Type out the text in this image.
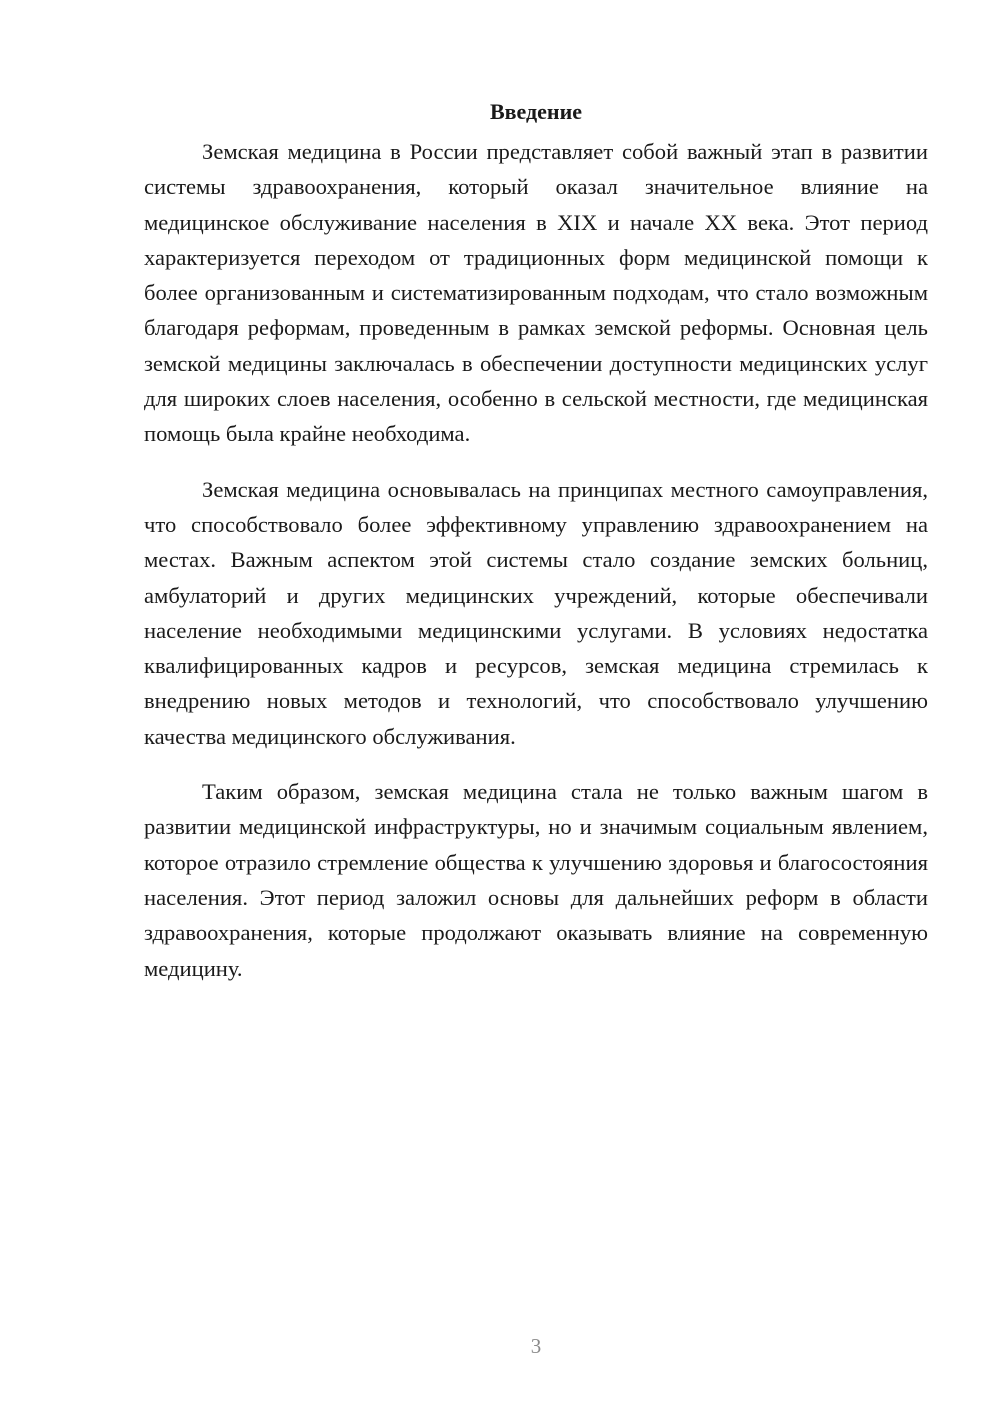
Введение

Земская медицина в России представляет собой важный этап в развитии системы здравоохранения, который оказал значительное влияние на медицинское обслуживание населения в XIX и начале XX века. Этот период характеризуется переходом от традиционных форм медицинской помощи к более организованным и систематизированным подходам, что стало возможным благодаря реформам, проведенным в рамках земской реформы. Основная цель земской медицины заключалась в обеспечении доступности медицинских услуг для широких слоев населения, особенно в сельской местности, где медицинская помощь была крайне необходима.

Земская медицина основывалась на принципах местного самоуправления, что способствовало более эффективному управлению здравоохранением на местах. Важным аспектом этой системы стало создание земских больниц, амбулаторий и других медицинских учреждений, которые обеспечивали население необходимыми медицинскими услугами. В условиях недостатка квалифицированных кадров и ресурсов, земская медицина стремилась к внедрению новых методов и технологий, что способствовало улучшению качества медицинского обслуживания.

Таким образом, земская медицина стала не только важным шагом в развитии медицинской инфраструктуры, но и значимым социальным явлением, которое отразило стремление общества к улучшению здоровья и благосостояния населения. Этот период заложил основы для дальнейших реформ в области здравоохранения, которые продолжают оказывать влияние на современную медицину.

3
